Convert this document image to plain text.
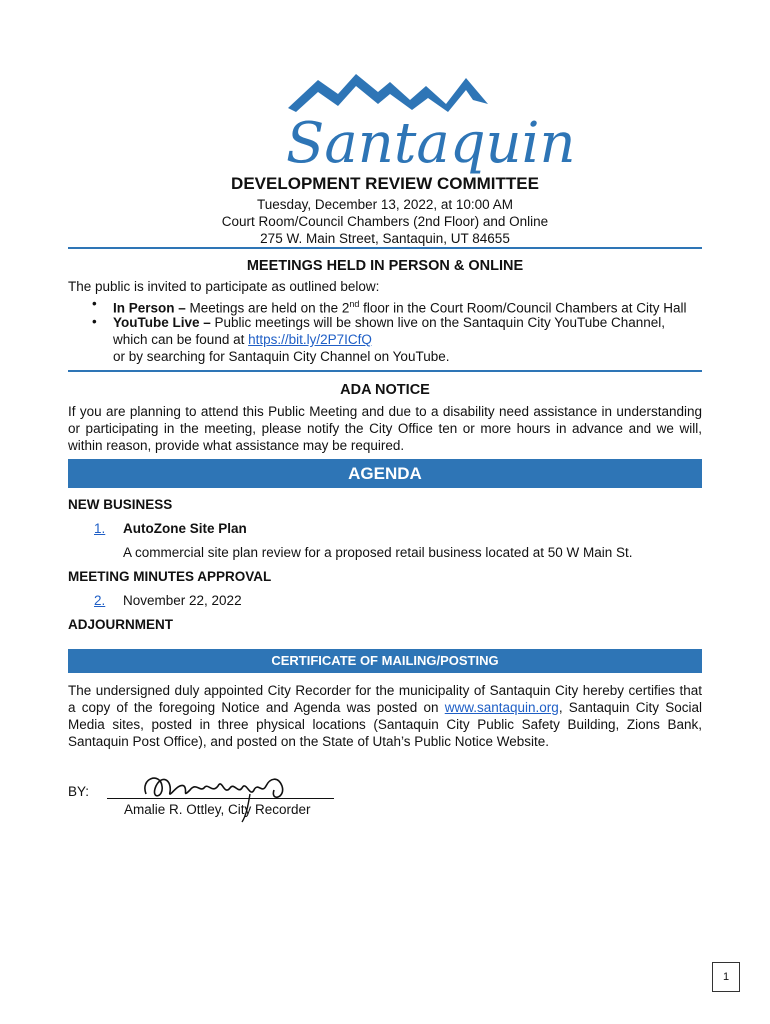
Santaquin
DEVELOPMENT REVIEW COMMITTEE
Tuesday, December 13, 2022, at 10:00 AM
Court Room/Council Chambers (2nd Floor) and Online
275 W. Main Street, Santaquin, UT 84655
MEETINGS HELD IN PERSON & ONLINE
The public is invited to participate as outlined below:
• In Person – Meetings are held on the 2nd floor in the Court Room/Council Chambers at City Hall
• YouTube Live – Public meetings will be shown live on the Santaquin City YouTube Channel,
which can be found at https://bit.ly/2P7ICfQ
or by searching for Santaquin City Channel on YouTube.
ADA NOTICE
If you are planning to attend this Public Meeting and due to a disability need assistance in understanding or participating in the meeting, please notify the City Office ten or more hours in advance and we will, within reason, provide what assistance may be required.
AGENDA
NEW BUSINESS
1. AutoZone Site Plan
A commercial site plan review for a proposed retail business located at 50 W Main St.
MEETING MINUTES APPROVAL
2. November 22, 2022
ADJOURNMENT
CERTIFICATE OF MAILING/POSTING
The undersigned duly appointed City Recorder for the municipality of Santaquin City hereby certifies that a copy of the foregoing Notice and Agenda was posted on www.santaquin.org, Santaquin City Social Media sites, posted in three physical locations (Santaquin City Public Safety Building, Zions Bank, Santaquin Post Office), and posted on the State of Utah’s Public Notice Website.
BY:
Amalie R. Ottley, City Recorder
1
